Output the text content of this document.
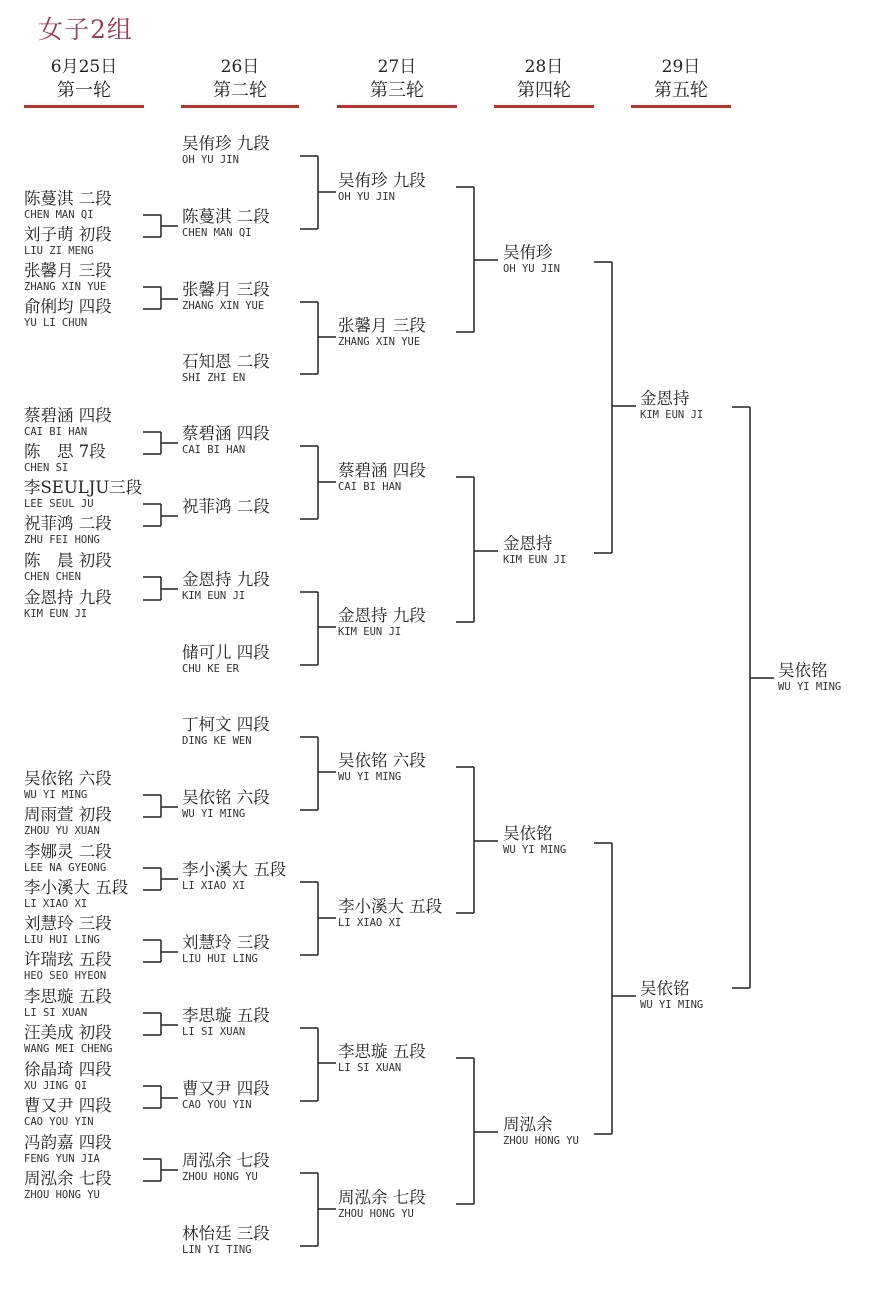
女子2组
6月25日
第一轮
26日
第二轮
27日
第三轮
28日
第四轮
29日
第五轮
陈蔓淇 二段
CHEN MAN QI
刘子萌 初段
LIU ZI MENG
张馨月 三段
ZHANG XIN YUE
俞俐均 四段
YU LI CHUN
蔡碧涵 四段
CAI BI HAN
陈　思 7段
CHEN SI
李SEULJU三段
LEE SEUL JU
祝菲鸿 二段
ZHU FEI HONG
陈　晨 初段
CHEN CHEN
金恩持 九段
KIM EUN JI
吴依铭 六段
WU YI MING
周雨萱 初段
ZHOU YU XUAN
李娜灵 二段
LEE NA GYEONG
李小溪大 五段
LI XIAO XI
刘慧玲 三段
LIU HUI LING
许瑞玹 五段
HEO SEO HYEON
李思璇 五段
LI SI XUAN
汪美成 初段
WANG MEI CHENG
徐晶琦 四段
XU JING QI
曹又尹 四段
CAO YOU YIN
冯韵嘉 四段
FENG YUN JIA
周泓余 七段
ZHOU HONG YU
吴侑珍 九段
OH YU JIN
陈蔓淇 二段
CHEN MAN QI
张馨月 三段
ZHANG XIN YUE
石知恩 二段
SHI ZHI EN
蔡碧涵 四段
CAI BI HAN
祝菲鸿 二段
金恩持 九段
KIM EUN JI
储可儿 四段
CHU KE ER
丁柯文 四段
DING KE WEN
吴依铭 六段
WU YI MING
李小溪大 五段
LI XIAO XI
刘慧玲 三段
LIU HUI LING
李思璇 五段
LI SI XUAN
曹又尹 四段
CAO YOU YIN
周泓余 七段
ZHOU HONG YU
林怡廷 三段
LIN YI TING
吴侑珍 九段
OH YU JIN
张馨月 三段
ZHANG XIN YUE
蔡碧涵 四段
CAI BI HAN
金恩持 九段
KIM EUN JI
吴依铭 六段
WU YI MING
李小溪大 五段
LI XIAO XI
李思璇 五段
LI SI XUAN
周泓余 七段
ZHOU HONG YU
吴侑珍
OH YU JIN
金恩持
KIM EUN JI
吴依铭
WU YI MING
周泓余
ZHOU HONG YU
金恩持
KIM EUN JI
吴依铭
WU YI MING
吴依铭
WU YI MING
